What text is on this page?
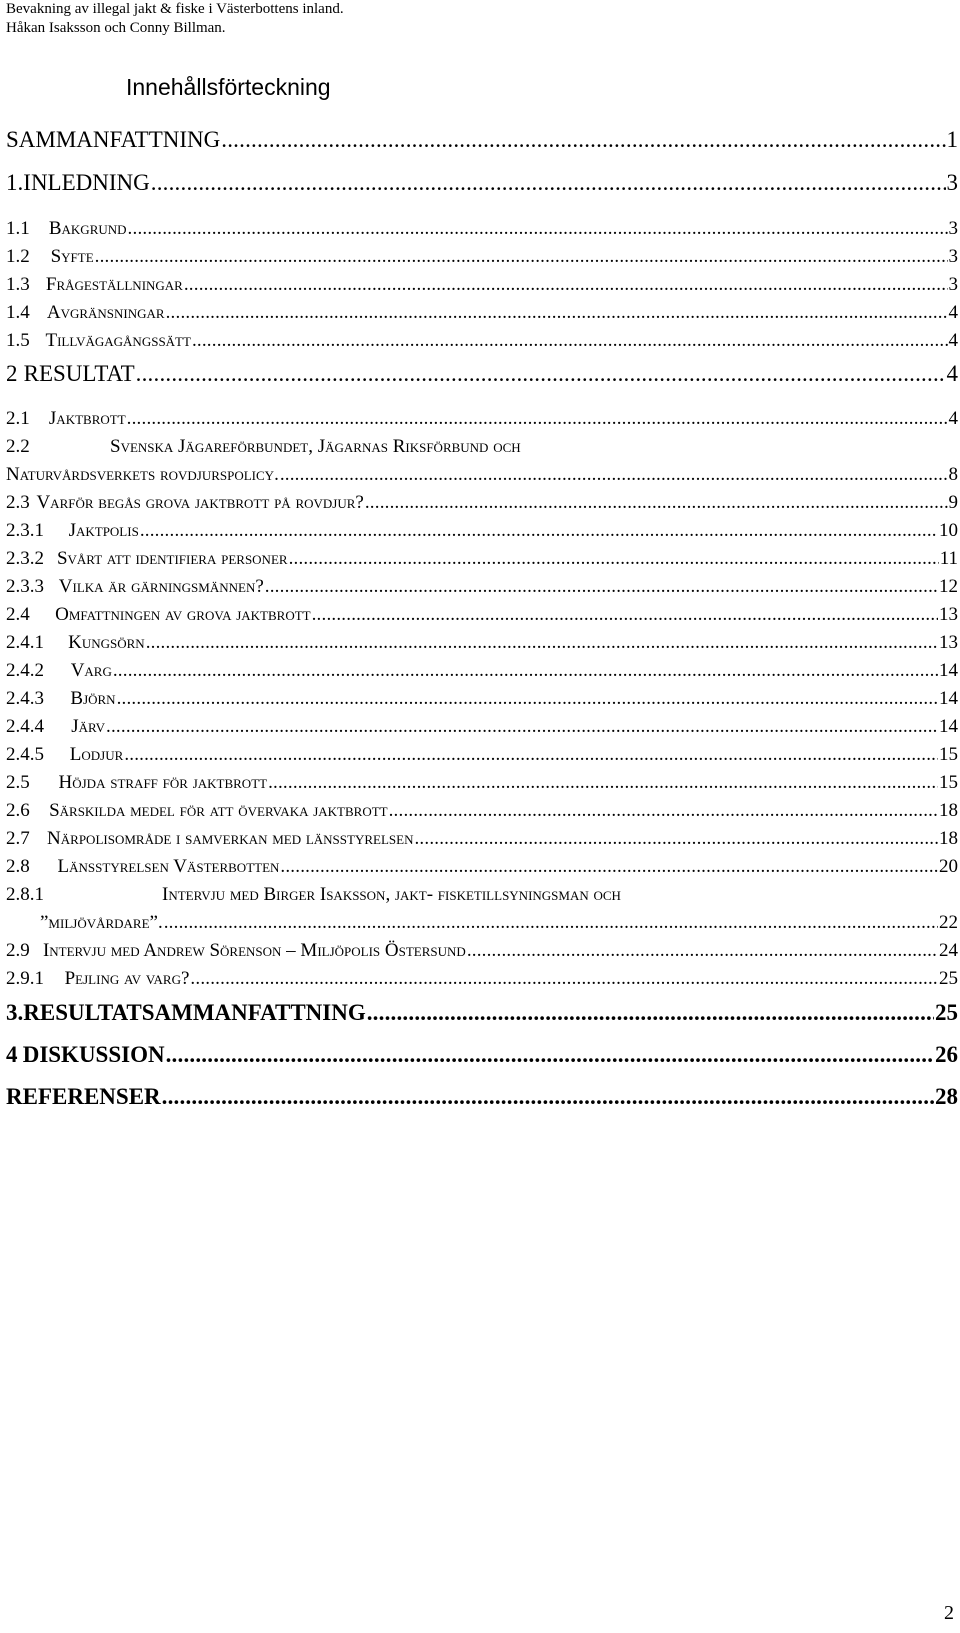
Bevakning av illegal jakt & fiske i Västerbottens inland.
Håkan Isaksson och Conny Billman.
Innehållsförteckning
SAMMANFATTNING .....	1
1. INLEDNING .....	3
1.1	Bakgrund .....	3
1.2	Syfte .....	3
1.3 Frågeställningar .....	3
1.4 Avgränsningar .....	4
1.5 Tillvägagångssätt .....	4
2 RESULTAT .....	4
2.1	Jaktbrott .....	4
2.2	Svenska Jägareförbundet, Jägarnas Riksförbund och
Naturvårdsverkets rovdjurspolicy. .....	8
2.3 Varför begås grova jaktbrott på rovdjur? .....	9
2.3.1	Jaktpolis .....	10
2.3.2 Svårt att identifiera personer .....	11
2.3.3 Vilka är gärningsmännen? .....	12
2.4	Omfattningen av grova jaktbrott .....	13
2.4.1	Kungsörn .....	13
2.4.2	Varg .....	14
2.4.3	Björn .....	14
2.4.4	Järv .....	14
2.4.5	Lodjur .....	15
2.5	Höjda straff för jaktbrott .....	15
2.6	Särskilda medel för att övervaka jaktbrott .....	18
2.7 Närpolisområde i samverkan med länsstyrelsen .....	18
2.8	Länsstyrelsen Västerbotten .....	20
2.8.1	Intervju med Birger Isaksson, jakt- fisketillsyningsman och
”miljövårdare”. .....	22
2.9 Intervju med Andrew Sörenson – Miljöpolis Östersund .....	24
2.9.1	Pejling av varg? .....	25
3. RESULTATSAMMANFATTNING .....	25
4 DISKUSSION .....	26
REFERENSER .....	28
2
